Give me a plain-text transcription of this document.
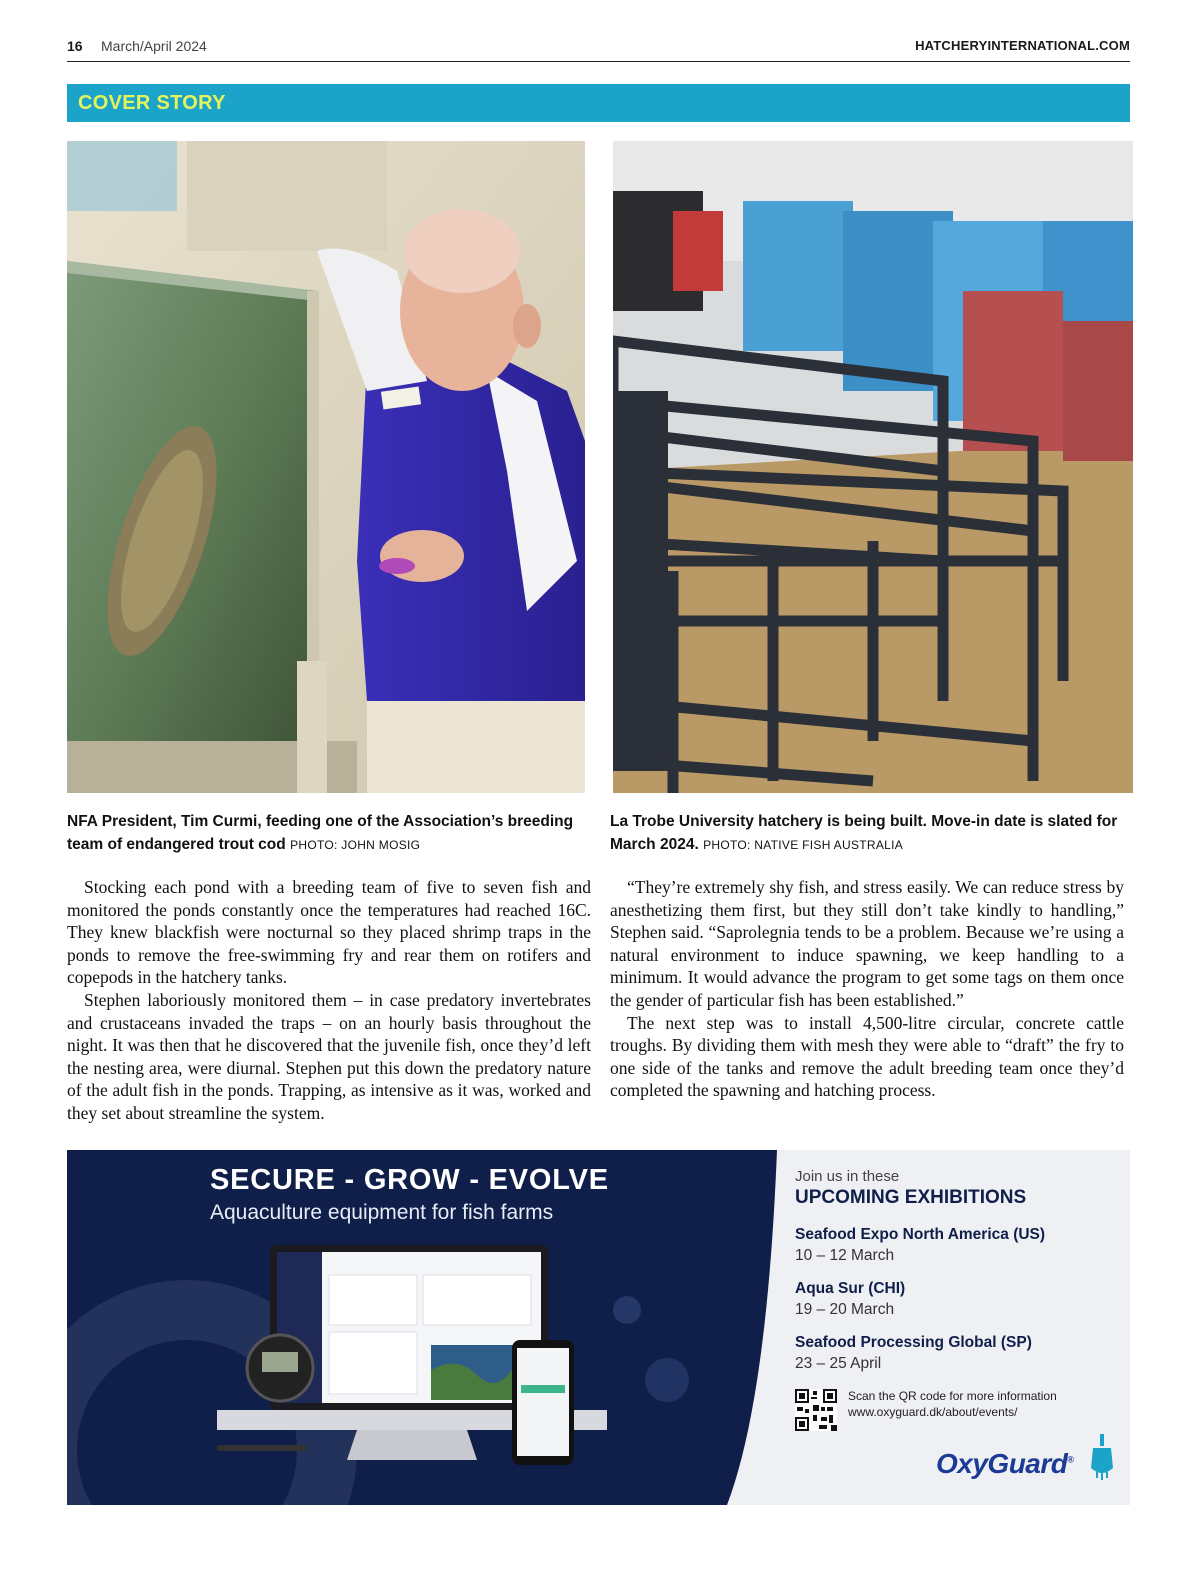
16 March/April 2024	HATCHERYINTERNATIONAL.COM
COVER STORY
NFA President, Tim Curmi, feeding one of the Association’s breeding team of endangered trout cod PHOTO: JOHN MOSIG
La Trobe University hatchery is being built. Move-in date is slated for March 2024. PHOTO: NATIVE FISH AUSTRALIA

Stocking each pond with a breeding team of five to seven fish and monitored the ponds constantly once the temperatures had reached 16C. They knew blackfish were nocturnal so they placed shrimp traps in the ponds to remove the free-swimming fry and rear them on rotifers and copepods in the hatchery tanks.

Stephen laboriously monitored them – in case predatory invertebrates and crustaceans invaded the traps – on an hourly basis throughout the night. It was then that he discovered that the juvenile fish, once they’d left the nesting area, were diurnal. Stephen put this down the predatory nature of the adult fish in the ponds. Trapping, as intensive as it was, worked and they set about streamline the system.

“They’re extremely shy fish, and stress easily. We can reduce stress by anesthetizing them first, but they still don’t take kindly to handling,” Stephen said. “Saprolegnia tends to be a problem. Because we’re using a natural environment to induce spawning, we keep handling to a minimum. It would advance the program to get some tags on them once the gender of particular fish has been established.”

The next step was to install 4,500-litre circular, concrete cattle troughs. By dividing them with mesh they were able to “draft” the fry to one side of the tanks and remove the adult breeding team once they’d completed the spawning and hatching process.

SECURE - GROW - EVOLVE
Aquaculture equipment for fish farms
Join us in these
UPCOMING EXHIBITIONS
Seafood Expo North America (US)
10 – 12 March
Aqua Sur (CHI)
19 – 20 March
Seafood Processing Global (SP)
23 – 25 April
Scan the QR code for more information
www.oxyguard.dk/about/events/
OxyGuard®
